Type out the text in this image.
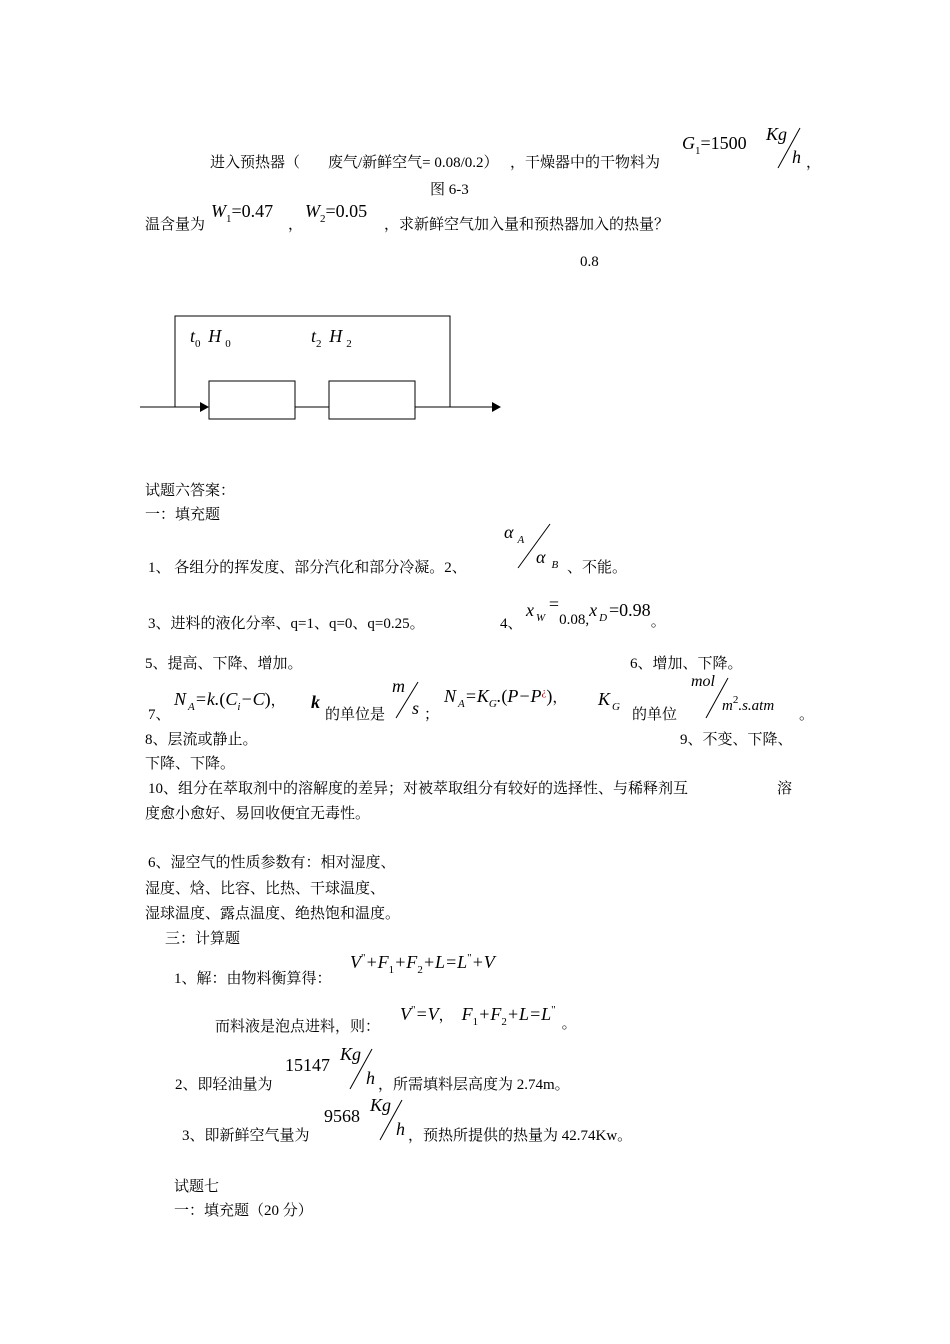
进入预热器（ 废气/新鲜空气= 0.08/0.2） ，干燥器中的干物料为
$G_1=1500$ Kg
h ，
图 6-3
温含量为
$W_1=0.47$
，
$W_2=0.05$
，求新鲜空气加入量和预热器加入的热量？
0.8
$t_0$ H $_0$	$t_2$ H $_2$
试题六答案：
一：填充题
1、 各组分的挥发度、部分汽化和部分冷凝。2、
α $_A$
α $_B$ 、不能。
3、进料的液化分率、q=1、q=0、q=0.25。	4、
x $_W$ =0.08,x $_D$ =0.98。
5、提高、下降、增加。	6、增加、下降。
7、
N $_A=k.(C_i-C)$， k
的单位是
m
s ；
N $_A=K_G.(P-P^¿)$， K $_G$ 的单位
mol
$m^2.s.atm$
。
8、层流或静止。	9、不变、下降、
下降、下降。
10、组分在萃取剂中的溶解度的差异；对被萃取组分有较好的选择性、与稀释剂互	溶
度愈小愈好、易回收便宜无毒性。
6、湿空气的性质参数有：相对湿度、
湿度、焓、比容、比热、干球温度、
湿球温度、露点温度、绝热饱和温度。
三：计算题
1、解：由物料衡算得：
$V^"+F_1+F_2+L=L^"+V$
而料液是泡点进料，则：
V"=V， $F_1+F_2+L=L^"$。
2、即轻油量为
15147
Kg
h ，所需填料层高度为 2.74m。
3、即新鲜空气量为
9568
Kg
h ，预热所提供的热量为 42.74Kw。
试题七
一：填充题（20 分）
